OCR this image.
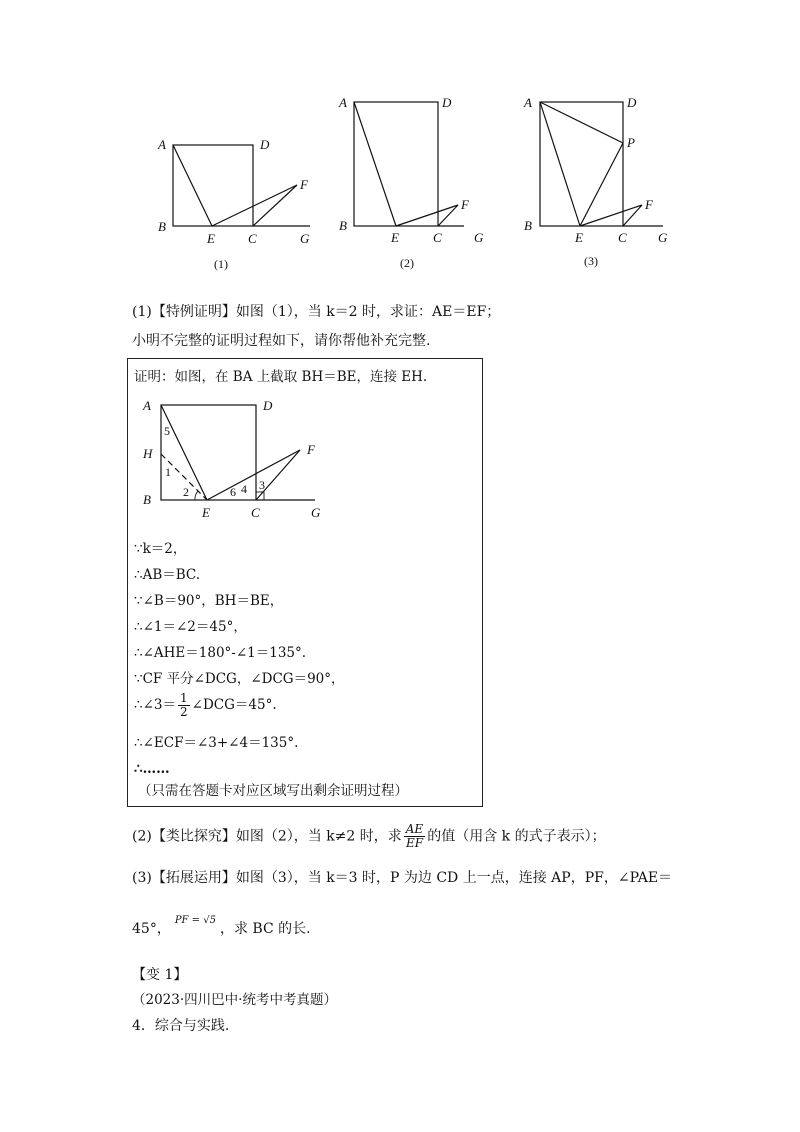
A	D
B
E	C	G
F
(1)
A	D
B
E	C G
F
(2)
A	D
P
B
E	C G
F
(3)
(1)【特例证明】如图（1），当 k＝2 时，求证：AE＝EF；
小明不完整的证明过程如下，请你帮他补充完整.
证明：如图，在 BA 上截取 BH＝BE，连接 EH.
A	D
H
B
E	C	G
F
5
1
2	6 4 3
∵k＝2，
∴AB＝BC.
∵∠B＝90°，BH＝BE，
∴∠1＝∠2＝45°，
∴∠AHE＝180°-∠1＝135°.
∵CF 平分∠DCG，∠DCG＝90°，
∴∠3＝ $\frac{1}{2}$ ∠DCG＝45°.
∴∠ECF＝∠3+∠4＝135°.
∴……
（只需在答题卡对应区域写出剩余证明过程）
(2)【类比探究】如图（2），当 k≠2 时，求 $\frac{AE}{EF}$ 的值（用含 k 的式子表示）；
(3)【拓展运用】如图（3），当 k＝3 时，P 为边 CD 上一点，连接 AP，PF，∠PAE＝
45°，PF = √5，求 BC 的长.
【变 1】
（2023·四川巴中·统考中考真题）
4．综合与实践.
